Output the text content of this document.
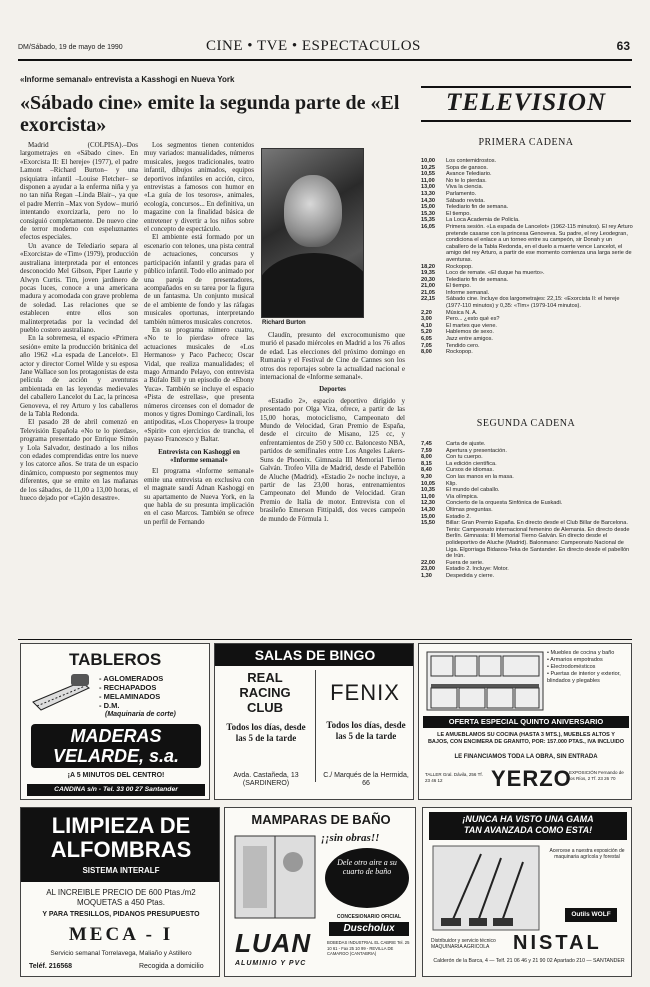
DM/Sábado, 19 de mayo de 1990	CINE • TVE • ESPECTACULOS	63
«Informe semanal» entrevista a Kasshogi en Nueva York
«Sábado cine» emite la segunda parte de «El exorcista»

Madrid (COLPISA).–Dos largometrajes en «Sábado cine». En «Exorcista II: El hereje» (1977), el padre Lamont –Richard Burton– y una psiquiatra infantil –Louise Fletcher– se disponen a ayudar a la enferma niña y ya no tan niña Regan –Linda Blair–, ya que el padre Merrin –Max von Sydow– murió intentando exorcizarla, pero no lo consiguió completamente. De nuevo cine de terror moderno con espeluznantes efectos especiales.

Un avance de Telediario separa al «Exorcista» de «Tim» (1979), producción australiana interpretada por el entonces desconocido Mel Gibson, Piper Laurie y Alwyn Curtis. Tim, joven jardinero de pocas luces, conoce a una americana madura y acomodada con grave problema de soledad. Las relaciones que se establecen entre ellos son malinterpretadas por la vecindad del pueblo costero australiano.

En la sobremesa, el espacio «Primera sesión» emite la producción británica del año 1962 «La espada de Lancelot». El actor y director Cornel Wilde y su esposa Jane Wallace son los protagonistas de esta película de acción y aventuras ambientada en las leyendas medievales del caballero Lancelot du Lac, la princesa Genoveva, el rey Arturo y los caballeros de la Tabla Redonda.

El pasado 28 de abril comenzó en Televisión Española «No te lo pierdas», programa presentado por Enrique Simón y Lola Salvador, destinado a los niños con edades comprendidas entre los nueve y los catorce años. Se trata de un espacio dinámico, compuesto por segmentos muy diferentes, que se emite en las mañanas de los sábados, de 11,00 a 13,00 horas, el hueco dejado por «Cajón desastre».

Los segmentos tienen contenidos muy variados: manualidades, números musicales, juegos tradicionales, teatro infantil, dibujos animados, equipos deportivos infantiles en acción, circo, entrevistas a famosos con humor en «La guía de los tesoros», animales, ecología, concursos... En definitiva, un magazine con la finalidad básica de entretener y divertir a los niños sobre el concepto de espectáculo.

El ambiente está formado por un escenario con telones, una pista central de actuaciones, concursos y participación infantil y gradas para el público infantil. Todo ello animado por una pareja de presentadores, acompañados en su tarea por la figura de un fantasma. Un conjunto musical de el ambiente de fondo y las ráfagas musicales oportunas, interpretando también números musicales concretos.

En su programa número cuatro, «No te lo pierdas» ofrece las actuaciones musicales de «Los Hermanos» y Paco Pacheco; Oscar Vidal, que realiza manualidades; el mago Armando Pelayo, con entrevista a Búfalo Bill y un episodio de «Ebony Yuca». También se incluye el espacio «Pista de estrellas», que presenta números circenses con el domador de monos y tigres Domingo Cardinali, los antipoditas, «Los Choperyes» la troupe «Spirit» con ejercicios de trancha, el payaso Francesco y Baltar.

Entrevista con Kashoggi en «Informe semanal»

El programa «Informe semanal» emite una entrevista en exclusiva con el magnate saudí Adnan Kashoggi en su apartamento de Nueva York, en la que habla de su presunta implicación en el caso Marcos. También se ofrece un perfil de Fernando

Richard Burton

Claudín, presunto del excrocomunismo que murió el pasado miércoles en Madrid a los 76 años de edad. Las elecciones del próximo domingo en Rumanía y el Festival de Cine de Cannes son los otros dos reportajes sobre la actualidad nacional e internacional de «Informe semanal».

Deportes

«Estadio 2», espacio deportivo dirigido y presentado por Olga Viza, ofrece, a partir de las 15,00 horas, motociclismo, Campeonato del Mundo de Velocidad, Gran Premio de España, desde el circuito de Misano, 125 cc, y enfrentamientos de 250 y 500 cc. Baloncesto NBA, partidos de semifinales entre Los Angeles Lakers-Suns de Phoenix. Gimnasia III Memorial Tierno Galván. Trofeo Villa de Madrid, desde el Pabellón de Aluche (Madrid). «Estadio 2» noche incluye, a partir de las 23,00 horas, entrenamientos Campeonato del Mundo de Velocidad. Gran Premio de Italia de motor. Entrevista con el brasileño Emerson Fittipaldi, dos veces campeón de mundo de Fórmula 1.

TELEVISION
PRIMERA CADENA
10,00	Los contemidrostos.
10,25	Sopa de gansos.
10,55	Avance Telediario.
11,00	No te lo pierdas.
13,00	Viva la ciencia.
13,30	Parlamento.
14,30	Sábado revista.
15,00	Telediario fin de semana.
15,30	El tiempo.
15,35	La Loca Academia de Policía.
16,05	Primera sesión. «La espada de Lancelot» (1962-115 minutos). El rey Arturo pretende casarse con la princesa Genoveva. Su padre, el rey Leodegran, condiciona el enlace a un torneo entre su campeón, sir Donah y un caballero de la Tabla Redonda, en el duelo a muerte vence Lancelot, el amigo del rey Arturo, a partir de ese momento comienza una larga serie de aventuras.
18,20	Rockopop.
19,35	Loco de remate. «El duque ha muerto».
20,30	Telediario fin de semana.
21,00	El tiempo.
21,05	Informe semanal.
22,15	Sábado cine. Incluye dos largometrajes: 22,15: «Exorcista II: el hereje (1977-110 minutos) y 0,35: «Tim» (1979-104 minutos).
2,20	Música N. A.
3,00	Pero... ¿esto qué es?
4,10	El martes que viene.
5,20	Hablemos de sexo.
6,05	Jazz entre amigos.
7,05	Tendido cero.
8,00	Rockopop.
SEGUNDA CADENA
7,45	Carta de ajuste.
7,59	Apertura y presentación.
8,00	Con tu cuerpo.
8,15	La edición científica.
8,40	Cursos de idiomas.
9,30	Con las manos en la masa.
10,05	Klip.
10,35	El mundo del caballo.
11,00	Vía olímpica.
12,30	Concierto de la orquesta Sinfónica de Euskadi.
14,30	Últimas preguntas.
15,00	Estadio 2.
15,50	Billar: Gran Premio España. En directo desde el Club Billar de Barcelona. Tenis: Campeonato internacional femenino de Alemania. En directo desde Berlín. Gimnasia: III Memorial Tierno Galván. En directo desde el polideportivo de Aluche (Madrid). Balonmano: Campeonato Nacional de Liga. Elgorriaga Bidasoa-Teka de Santander. En directo desde el pabellón de Irún.
22,00	Fuera de serie.
23,00	Estadio 2. Incluye: Motor.
1,30	Despedida y cierre.
TABLEROS
- AGLOMERADOS
- RECHAPADOS
- MELAMINADOS
- D.M.
(Maquinaria de corte)
MADERAS
VELARDE, s.a.
¡A 5 MINUTOS DEL CENTRO!
CANDINA s/n - Tel. 33 00 27 Santander
SALAS DE BINGO
REAL
RACING
CLUB
FENIX
Todos los días, desde las 5 de la tarde
Todos los días, desde las 5 de la tarde
Avda. Castañeda, 13 (SARDINERO)
C./ Marqués de la Hermida, 66
• Muebles de cocina y baño
• Armarios empotrados
• Electrodomésticos
• Puertas de interior y exterior, blindados y plegables
OFERTA ESPECIAL QUINTO ANIVERSARIO
LE AMUEBLAMOS SU COCINA (HASTA 3 MTS.), MUEBLES ALTOS Y BAJOS, CON ENCIMERA DE GRANITO, POR: 157.000 PTAS., IVA INCLUIDO
LE FINANCIAMOS TODA LA OBRA, SIN ENTRADA
YERZO
TALLER Gral. Dávila, 256 Tf. 23 46 12
EXPOSICIÓN Fernando de los Ríos, 2 Tf. 23 26 70
LIMPIEZA DE
ALFOMBRAS
SISTEMA INTERALF
AL INCREIBLE PRECIO DE 600 Ptas./m2
MOQUETAS a 450 Ptas.
Y PARA TRESILLOS, PIDANOS PRESUPUESTO
MECA - I
Servicio semanal Torrelavega, Maliaño y Astillero
Teléf. 216568	Recogida a domicilio
MAMPARAS DE BAÑO
¡¡sin obras!!
Dele otro aire a su cuarto de baño
CONCESIONARIO OFICIAL
Duscholux
LUAN
ALUMINIO Y PVC
BOBEDAS INDUSTRIAL EL CABRIE Tel. 25 10 61 - Fax 25 10 99 - REVILLA DE CAMARGO (CANTABRIA)
¡NUNCA HA VISTO UNA GAMA
TAN AVANZADA COMO ESTA!
Acercese a nuestra exposición de maquinaria agrícola y forestal
Outils WOLF
Distribuidor y servicio técnico MAQUINARIA AGRICOLA	NISTAL
Calderón de la Barca, 4 — Telf. 21 06 46 y 21 90 02 Apartado 210 — SANTANDER
